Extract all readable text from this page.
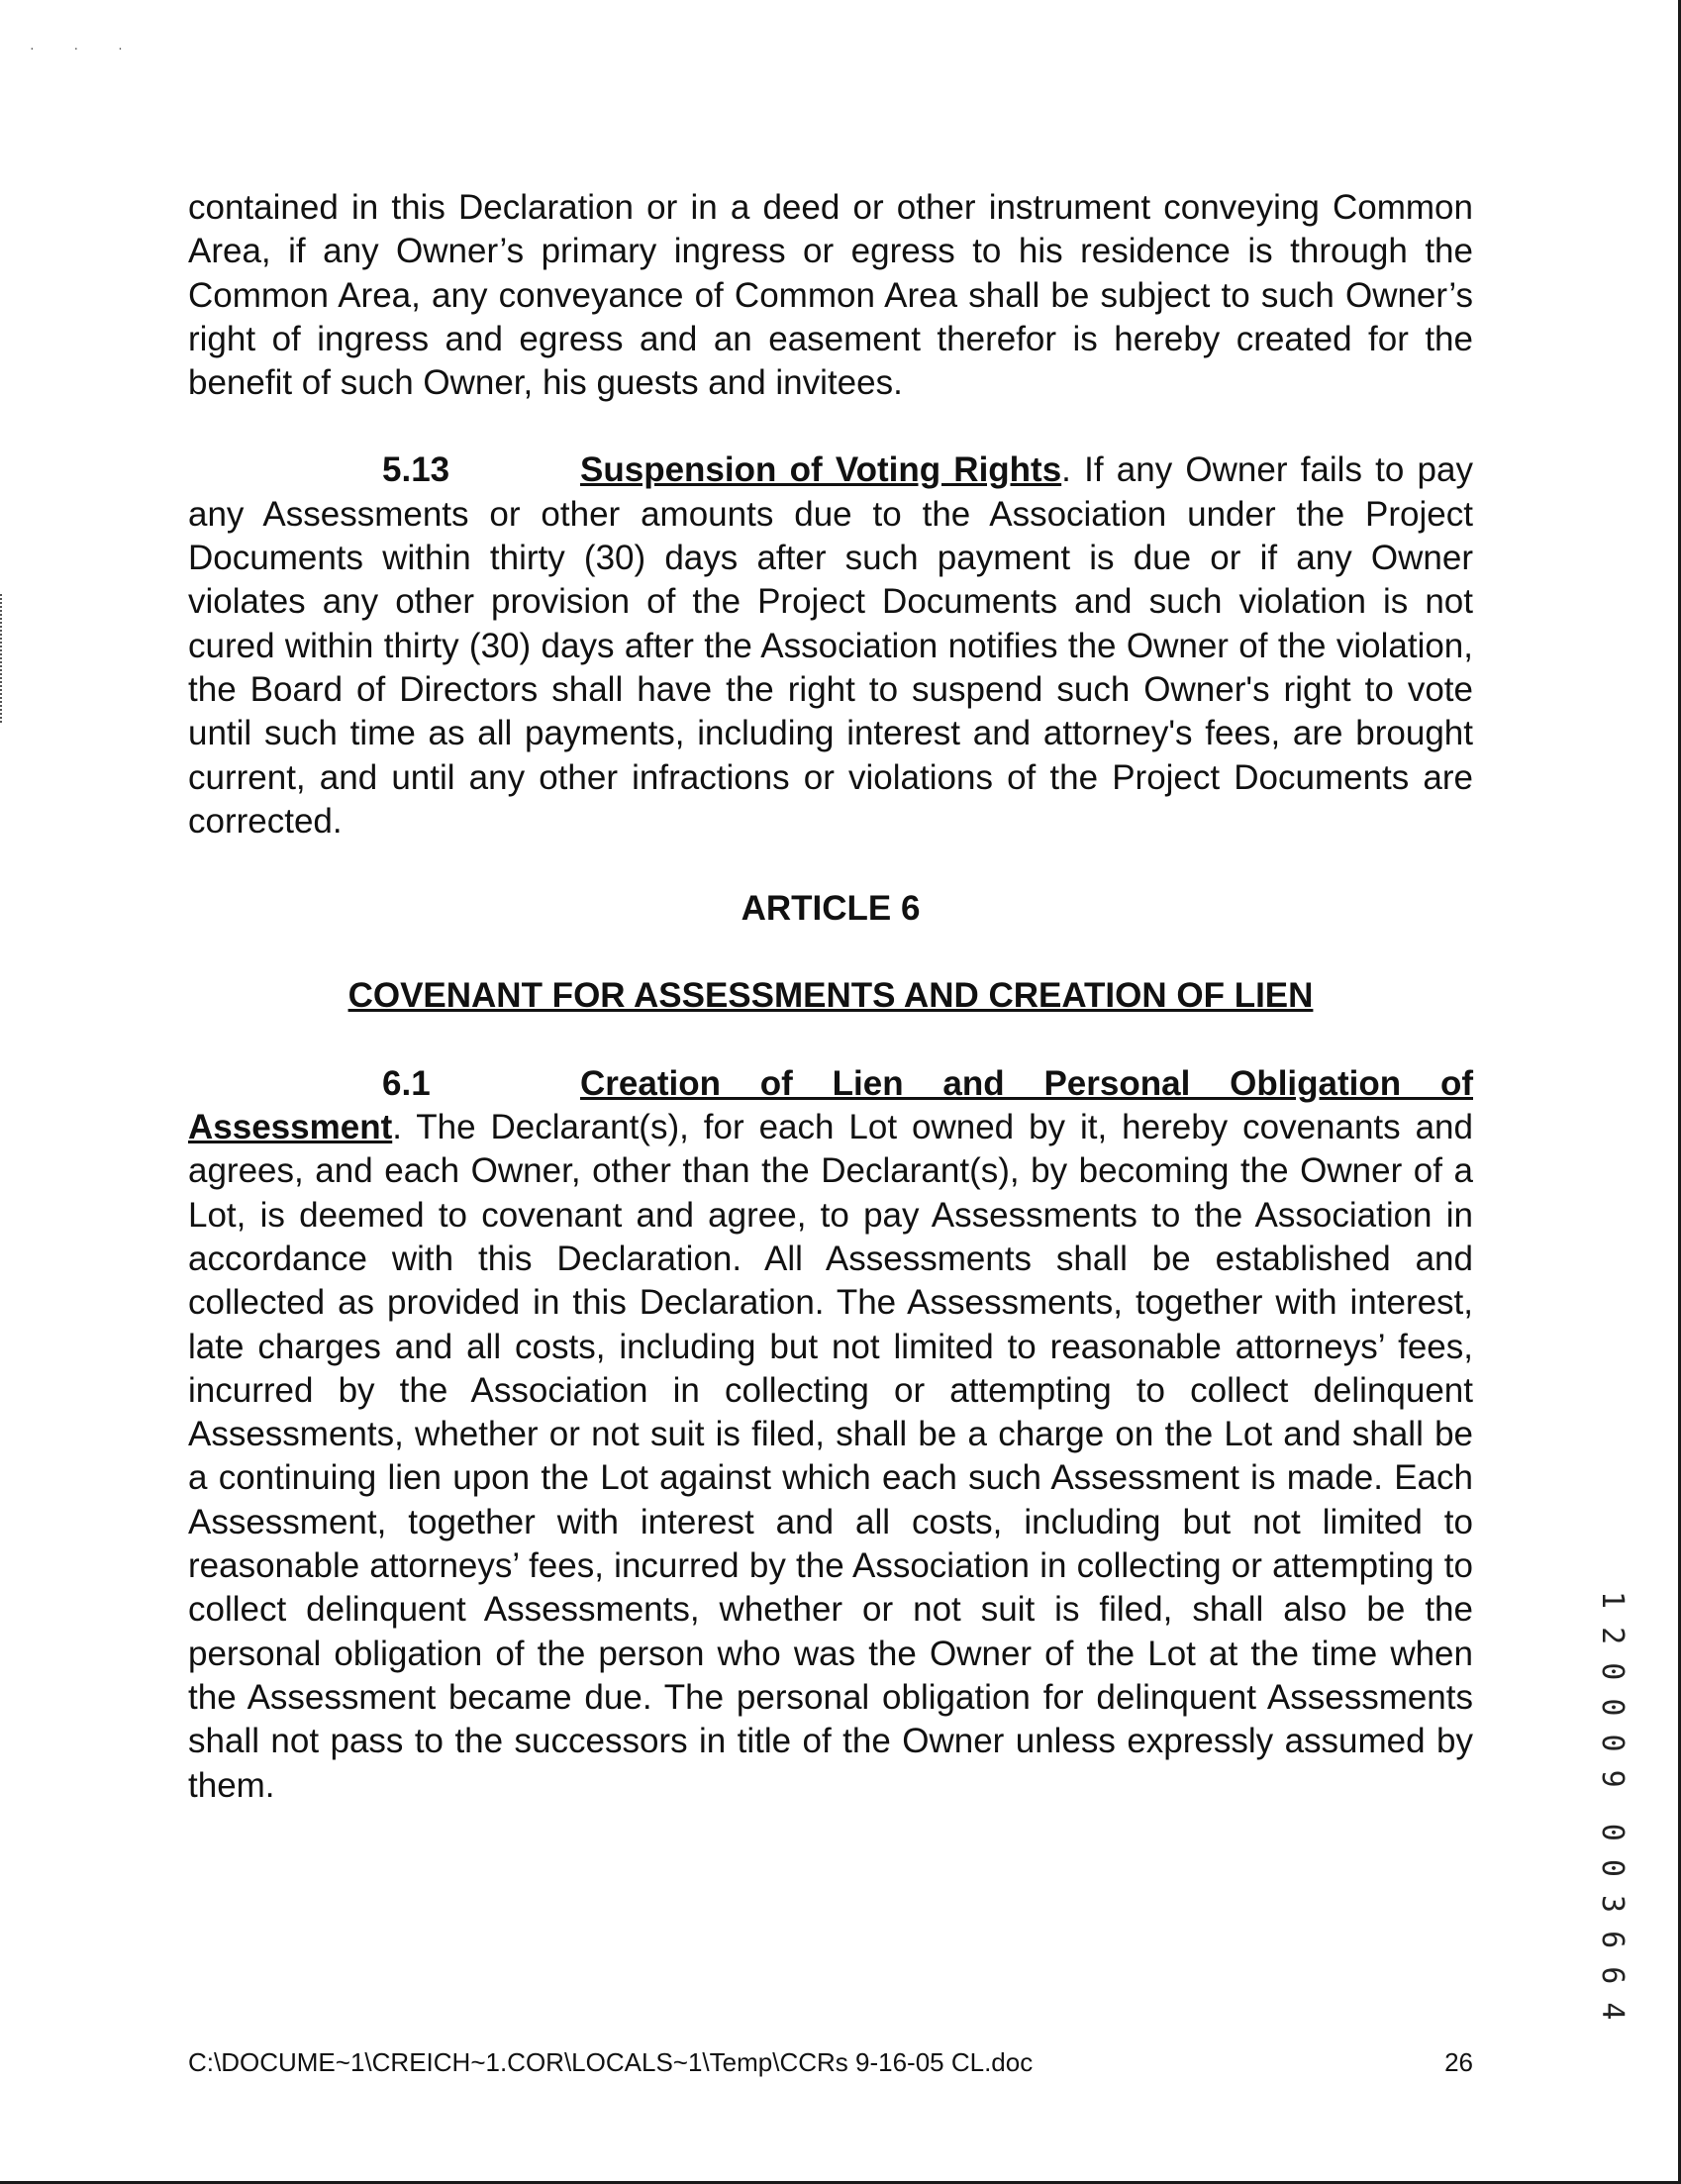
· · ·

contained in this Declaration or in a deed or other instrument conveying Common Area, if any Owner’s primary ingress or egress to his residence is through the Common Area, any conveyance of Common Area shall be subject to such Owner’s right of ingress and egress and an easement therefor is hereby created for the benefit of such Owner, his guests and invitees.

5.13	Suspension of Voting Rights. If any Owner fails to pay any Assessments or other amounts due to the Association under the Project Documents within thirty (30) days after such payment is due or if any Owner violates any other provision of the Project Documents and such violation is not cured within thirty (30) days after the Association notifies the Owner of the violation, the Board of Directors shall have the right to suspend such Owner's right to vote until such time as all payments, including interest and attorney's fees, are brought current, and until any other infractions or violations of the Project Documents are corrected.

ARTICLE 6
COVENANT FOR ASSESSMENTS AND CREATION OF LIEN

6.1	Creation of Lien and Personal Obligation of Assessment. The Declarant(s), for each Lot owned by it, hereby covenants and agrees, and each Owner, other than the Declarant(s), by becoming the Owner of a Lot, is deemed to covenant and agree, to pay Assessments to the Association in accordance with this Declaration. All Assessments shall be established and collected as provided in this Declaration. The Assessments, together with interest, late charges and all costs, including but not limited to reasonable attorneys’ fees, incurred by the Association in collecting or attempting to collect delinquent Assessments, whether or not suit is filed, shall be a charge on the Lot and shall be a continuing lien upon the Lot against which each such Assessment is made. Each Assessment, together with interest and all costs, including but not limited to reasonable attorneys’ fees, incurred by the Association in collecting or attempting to collect delinquent Assessments, whether or not suit is filed, shall also be the personal obligation of the person who was the Owner of the Lot at the time when the Assessment became due. The personal obligation for delinquent Assessments shall not pass to the successors in title of the Owner unless expressly assumed by them.

C:\DOCUME~1\CREICH~1.COR\LOCALS~1\Temp\CCRs 9-16-05 CL.doc	26
1 2 0 0 0 9  0 0 3 6 6 4
